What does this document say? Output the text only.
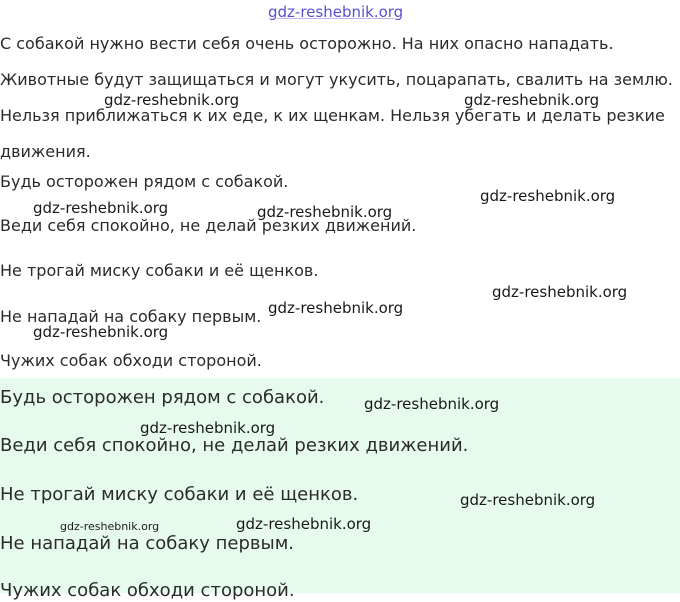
gdz-reshebnik.org
С собакой нужно вести себя очень осторожно. На них опасно нападать.
Животные будут защищаться и могут укусить, поцарапать, свалить на землю.
Нельзя приближаться к их еде, к их щенкам. Нельзя убегать и делать резкие
движения.
Будь осторожен рядом с собакой.
Веди себя спокойно, не делай резких движений.
Не трогай миску собаки и её щенков.
Не нападай на собаку первым.
Чужих собак обходи стороной.
Будь осторожен рядом с собакой.
Веди себя спокойно, не делай резких движений.
Не трогай миску собаки и её щенков.
Не нападай на собаку первым.
Чужих собак обходи стороной.
gdz-reshebnik.org	gdz-reshebnik.org
gdz-reshebnik.org
gdz-reshebnik.org	gdz-reshebnik.org
gdz-reshebnik.org
gdz-reshebnik.org
gdz-reshebnik.org
gdz-reshebnik.org
gdz-reshebnik.org
gdz-reshebnik.org
gdz-reshebnik.org	gdz-reshebnik.org
